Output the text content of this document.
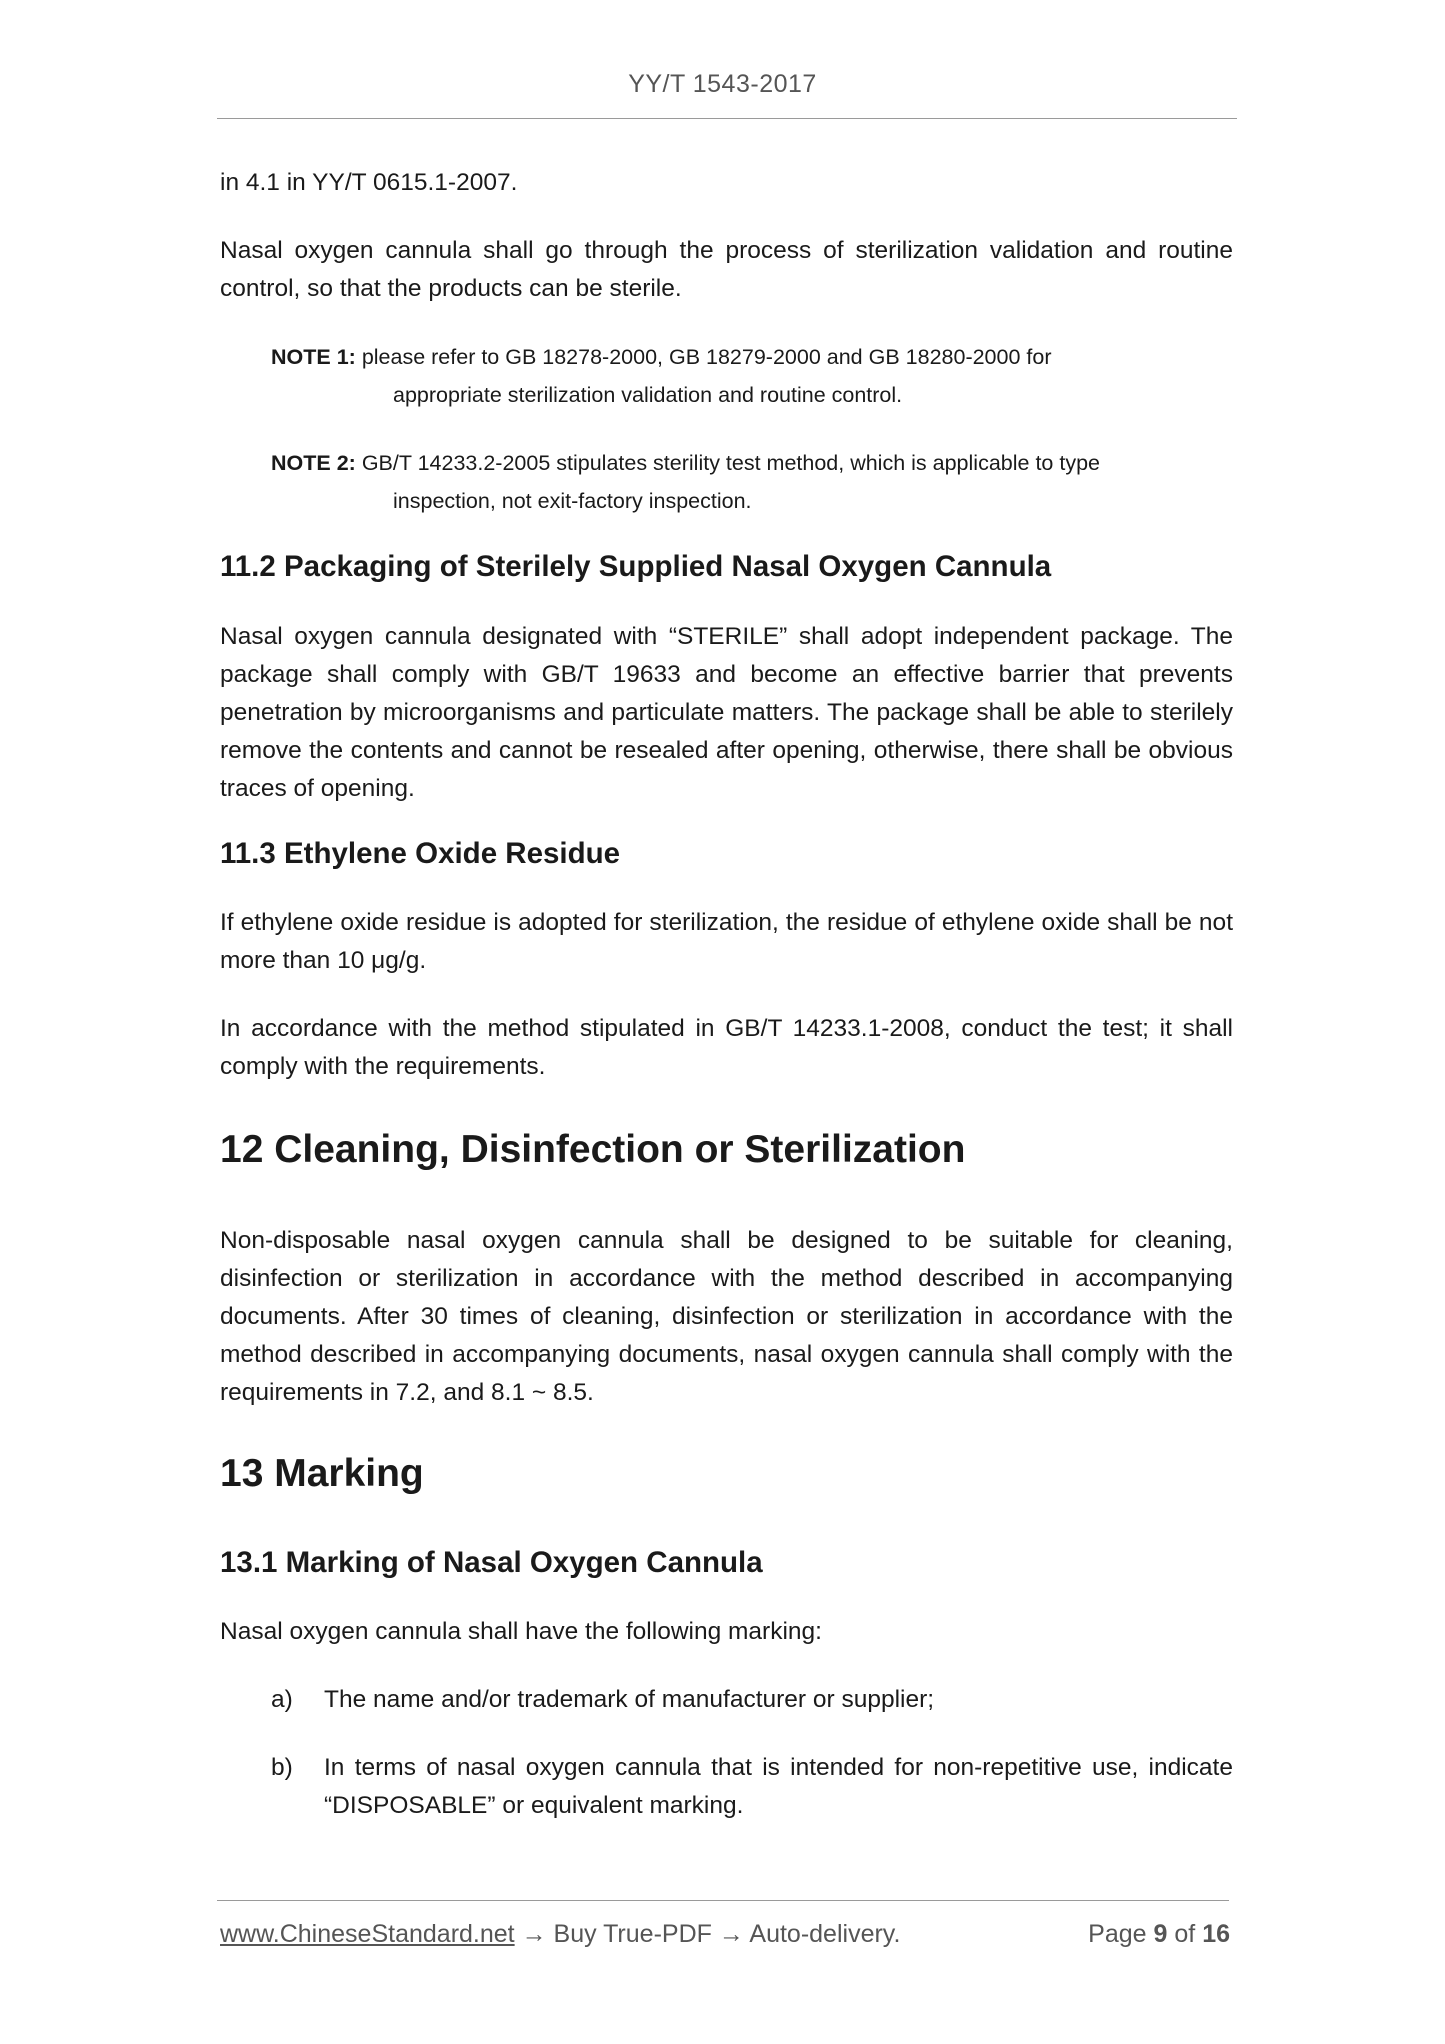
YY/T 1543-2017

in 4.1 in YY/T 0615.1-2007.

Nasal oxygen cannula shall go through the process of sterilization validation and routine control, so that the products can be sterile.

NOTE 1: please refer to GB 18278-2000, GB 18279-2000 and GB 18280-2000 for
appropriate sterilization validation and routine control.
NOTE 2: GB/T 14233.2-2005 stipulates sterility test method, which is applicable to type
inspection, not exit-factory inspection.
11.2 Packaging of Sterilely Supplied Nasal Oxygen Cannula

Nasal oxygen cannula designated with “STERILE” shall adopt independent package. The package shall comply with GB/T 19633 and become an effective barrier that prevents penetration by microorganisms and particulate matters. The package shall be able to sterilely remove the contents and cannot be resealed after opening, otherwise, there shall be obvious traces of opening.

11.3 Ethylene Oxide Residue

If ethylene oxide residue is adopted for sterilization, the residue of ethylene oxide shall be not more than 10 μg/g.

In accordance with the method stipulated in GB/T 14233.1-2008, conduct the test; it shall comply with the requirements.

12 Cleaning, Disinfection or Sterilization

Non-disposable nasal oxygen cannula shall be designed to be suitable for cleaning, disinfection or sterilization in accordance with the method described in accompanying documents. After 30 times of cleaning, disinfection or sterilization in accordance with the method described in accompanying documents, nasal oxygen cannula shall comply with the requirements in 7.2, and 8.1 ~ 8.5.

13 Marking
13.1 Marking of Nasal Oxygen Cannula

Nasal oxygen cannula shall have the following marking:

a) The name and/or trademark of manufacturer or supplier;
b) In terms of nasal oxygen cannula that is intended for non-repetitive use, indicate “DISPOSABLE” or equivalent marking.
www.ChineseStandard.net → Buy True-PDF → Auto-delivery.	Page 9 of 16
